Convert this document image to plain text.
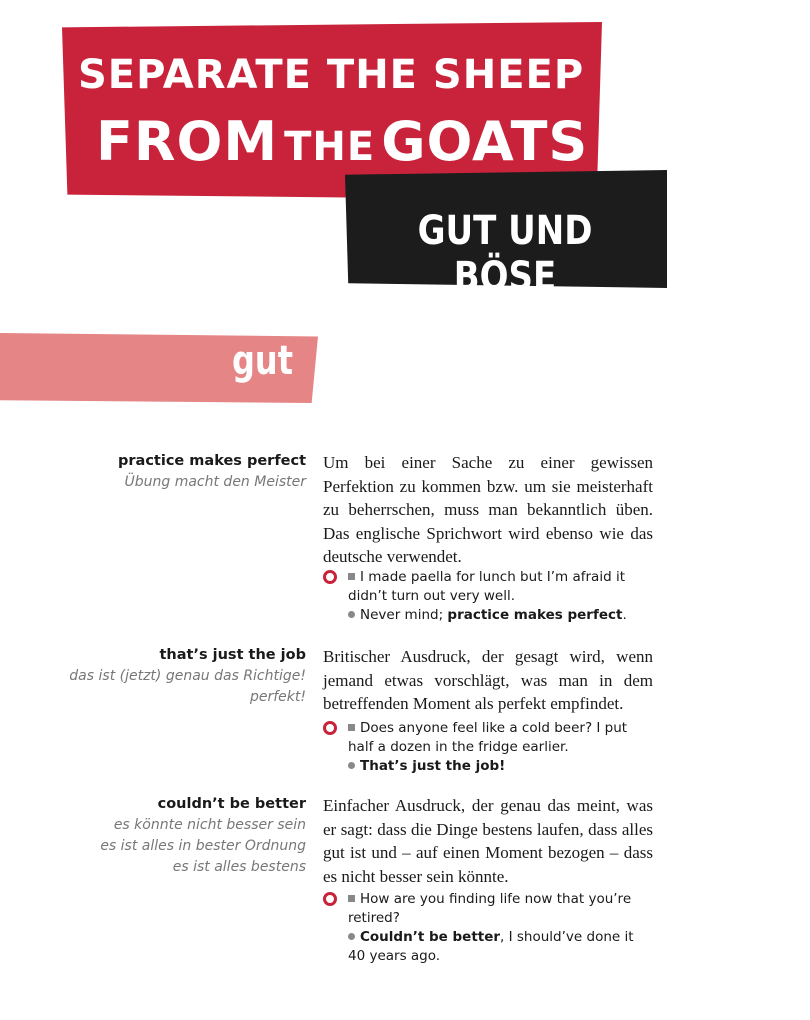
SEPARATE THE SHEEP
FROM THE GOATS
GUT UND BÖSE
gut
practice makes perfect
Übung macht den Meister
Um bei einer Sache zu einer gewissen Perfektion zu kommen bzw. um sie meisterhaft zu beherrschen, muss man bekanntlich üben. Das englische Sprichwort wird ebenso wie das deutsche verwendet.
I made paella for lunch but I’m afraid it didn’t turn out very well.
Never mind; practice makes perfect.
that’s just the job
das ist (jetzt) genau das Richtige!
perfekt!
Britischer Ausdruck, der gesagt wird, wenn jemand etwas vorschlägt, was man in dem betreffenden Moment als perfekt empfindet.
Does anyone feel like a cold beer? I put half a dozen in the fridge earlier.
That’s just the job!
couldn’t be better
es könnte nicht besser sein
es ist alles in bester Ordnung
es ist alles bestens
Einfacher Ausdruck, der genau das meint, was er sagt: dass die Dinge bestens laufen, dass alles gut ist und – auf einen Moment bezogen – dass es nicht besser sein könnte.
How are you finding life now that you’re retired?
Couldn’t be better, I should’ve done it 40 years ago.
